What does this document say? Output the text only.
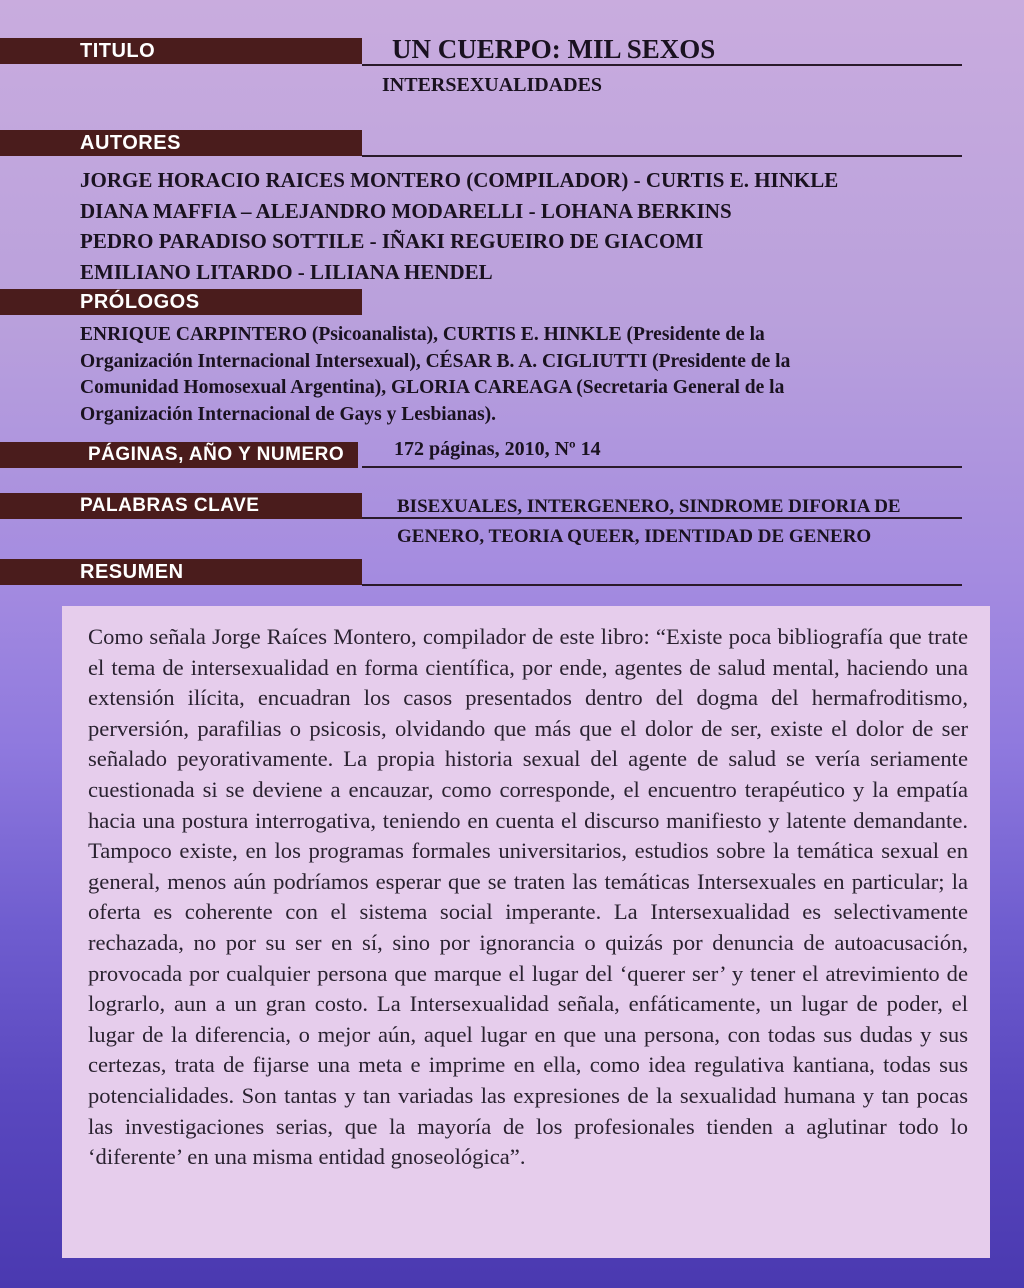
TITULO	UN CUERPO: MIL SEXOS
INTERSEXUALIDADES
AUTORES
JORGE HORACIO RAICES MONTERO (COMPILADOR) - CURTIS E. HINKLE
DIANA MAFFIA – ALEJANDRO MODARELLI - LOHANA BERKINS
PEDRO PARADISO SOTTILE - IÑAKI REGUEIRO DE GIACOMI
EMILIANO LITARDO - LILIANA HENDEL
PRÓLOGOS
ENRIQUE CARPINTERO (Psicoanalista), CURTIS E. HINKLE (Presidente de la
Organización Internacional Intersexual), CÉSAR B. A. CIGLIUTTI (Presidente de la
Comunidad Homosexual Argentina), GLORIA CAREAGA (Secretaria General de la
Organización Internacional de Gays y Lesbianas).
PÁGINAS, AÑO Y NUMERO	172 páginas, 2010, Nº 14
PALABRAS CLAVE	BISEXUALES, INTERGENERO, SINDROME DIFORIA DE
GENERO, TEORIA QUEER, IDENTIDAD DE GENERO
RESUMEN

Como señala Jorge Raíces Montero, compilador de este libro: “Existe poca bibliografía que trate el tema de intersexualidad en forma científica, por ende, agentes de salud mental, haciendo una extensión ilícita, encuadran los casos presentados dentro del dogma del hermafroditismo, perversión, parafilias o psicosis, olvidando que más que el dolor de ser, existe el dolor de ser señalado peyorativamente. La propia historia sexual del agente de salud se vería seriamente cuestionada si se deviene a encauzar, como corresponde, el encuentro terapéutico y la empatía hacia una postura interrogativa, teniendo en cuenta el discurso manifiesto y latente demandante. Tampoco existe, en los programas formales universitarios, estudios sobre la temática sexual en general, menos aún podríamos esperar que se traten las temáticas Intersexuales en particular; la oferta es coherente con el sistema social imperante. La Intersexualidad es selectivamente rechazada, no por su ser en sí, sino por ignorancia o quizás por denuncia de autoacusación, provocada por cualquier persona que marque el lugar del ‘querer ser’ y tener el atrevimiento de lograrlo, aun a un gran costo. La Intersexualidad señala, enfáticamente, un lugar de poder, el lugar de la diferencia, o mejor aún, aquel lugar en que una persona, con todas sus dudas y sus certezas, trata de fijarse una meta e imprime en ella, como idea regulativa kantiana, todas sus potencialidades. Son tantas y tan variadas las expresiones de la sexualidad humana y tan pocas las investigaciones serias, que la mayoría de los profesionales tienden a aglutinar todo lo ‘diferente’ en una misma entidad gnoseológica”.
